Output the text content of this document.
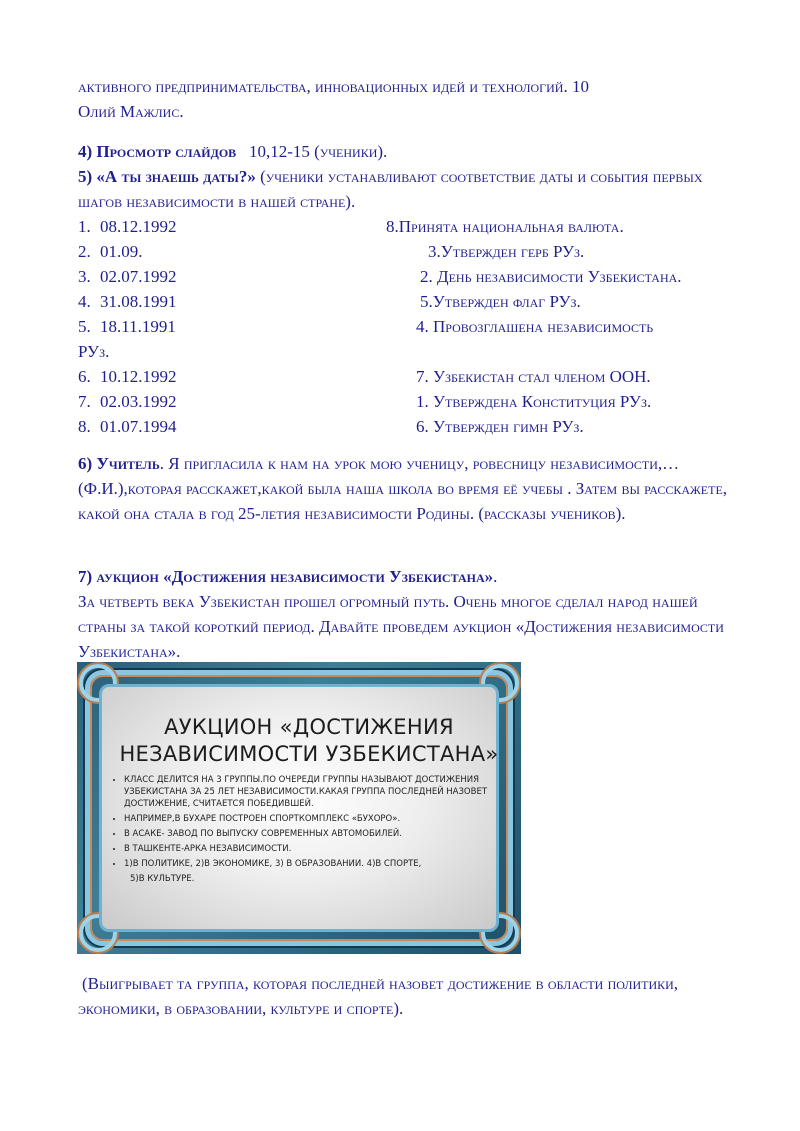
активного предпринимательства, инновационных идей и технологий. 10
Олий Мажлис.
4) Просмотр слайдов 10,12-15 (ученики).
5) «А ты знаешь даты?» (ученики устанавливают соответствие даты и события первых шагов независимости в нашей стране).
1. 08.12.1992	8.Принята национальная валюта.
2. 01.09.	3.Утвержден герб РУз.
3. 02.07.1992	2. День независимости Узбекистана.
4. 31.08.1991	5.Утвержден флаг РУз.
5. 18.11.1991	4. Провозглашена независимость
РУз.
6. 10.12.1992	7. Узбекистан стал членом ООН.
7. 02.03.1992	1. Утверждена Конституция РУз.
8. 01.07.1994	6. Утвержден гимн РУз.
6) Учитель. Я пригласила к нам на урок мою ученицу, ровесницу независимости,…(Ф.И.),которая расскажет,какой была наша школа во время её учебы . Затем вы расскажете, какой она стала в год 25-летия независимости Родины. (рассказы учеников).
7) аукцион «Достижения независимости Узбекистана».
За четверть века Узбекистан прошел огромный путь. Очень многое сделал народ нашей страны за такой короткий период. Давайте проведем аукцион «Достижения независимости Узбекистана».
АУКЦИОН «ДОСТИЖЕНИЯ НЕЗАВИСИМОСТИ УЗБЕКИСТАНА»
• КЛАСС ДЕЛИТСЯ НА 3 ГРУППЫ.ПО ОЧЕРЕДИ ГРУППЫ НАЗЫВАЮТ ДОСТИЖЕНИЯ УЗБЕКИСТАНА ЗА 25 ЛЕТ НЕЗАВИСИМОСТИ.КАКАЯ ГРУППА ПОСЛЕДНЕЙ НАЗОВЕТ ДОСТИЖЕНИЕ, СЧИТАЕТСЯ ПОБЕДИВШЕЙ.
• НАПРИМЕР,В БУХАРЕ ПОСТРОЕН СПОРТКОМПЛЕКС «БУХОРО».
• В АСАКЕ- ЗАВОД ПО ВЫПУСКУ СОВРЕМЕННЫХ АВТОМОБИЛЕЙ.
• В ТАШКЕНТЕ-АРКА НЕЗАВИСИМОСТИ.
• 1)В ПОЛИТИКЕ, 2)В ЭКОНОМИКЕ, 3) В ОБРАЗОВАНИИ. 4)В СПОРТЕ,
5)В КУЛЬТУРЕ.
(Выигрывает та группа, которая последней назовет достижение в области политики, экономики, в образовании, культуре и спорте).
